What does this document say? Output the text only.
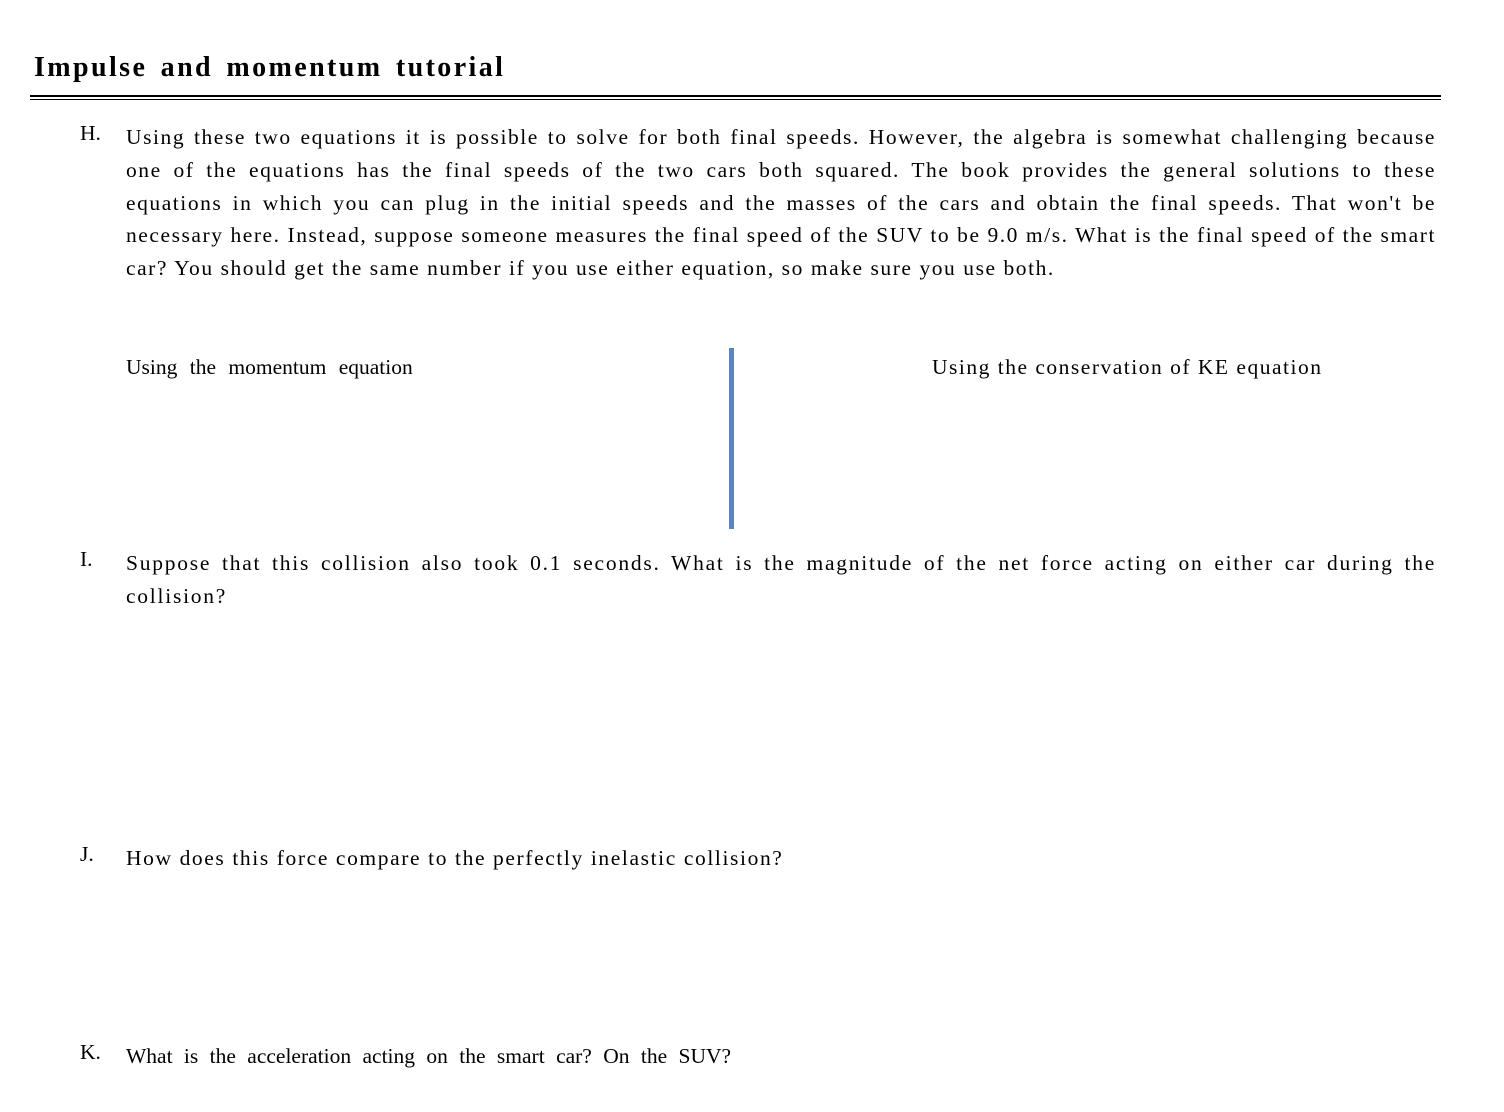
Impulse and momentum tutorial
H.	Using these two equations it is possible to solve for both final speeds. However, the algebra is somewhat challenging because one of the equations has the final speeds of the two cars both squared. The book provides the general solutions to these equations in which you can plug in the initial speeds and the masses of the cars and obtain the final speeds. That won't be necessary here. Instead, suppose someone measures the final speed of the SUV to be 9.0 m/s. What is the final speed of the smart car? You should get the same number if you use either equation, so make sure you use both.

Using the momentum equation	Using the conservation of KE equation
I.	Suppose that this collision also took 0.1 seconds. What is the magnitude of the net force acting on either car during the collision?

J.	How does this force compare to the perfectly inelastic collision?

K.	What is the acceleration acting on the smart car? On the SUV?
